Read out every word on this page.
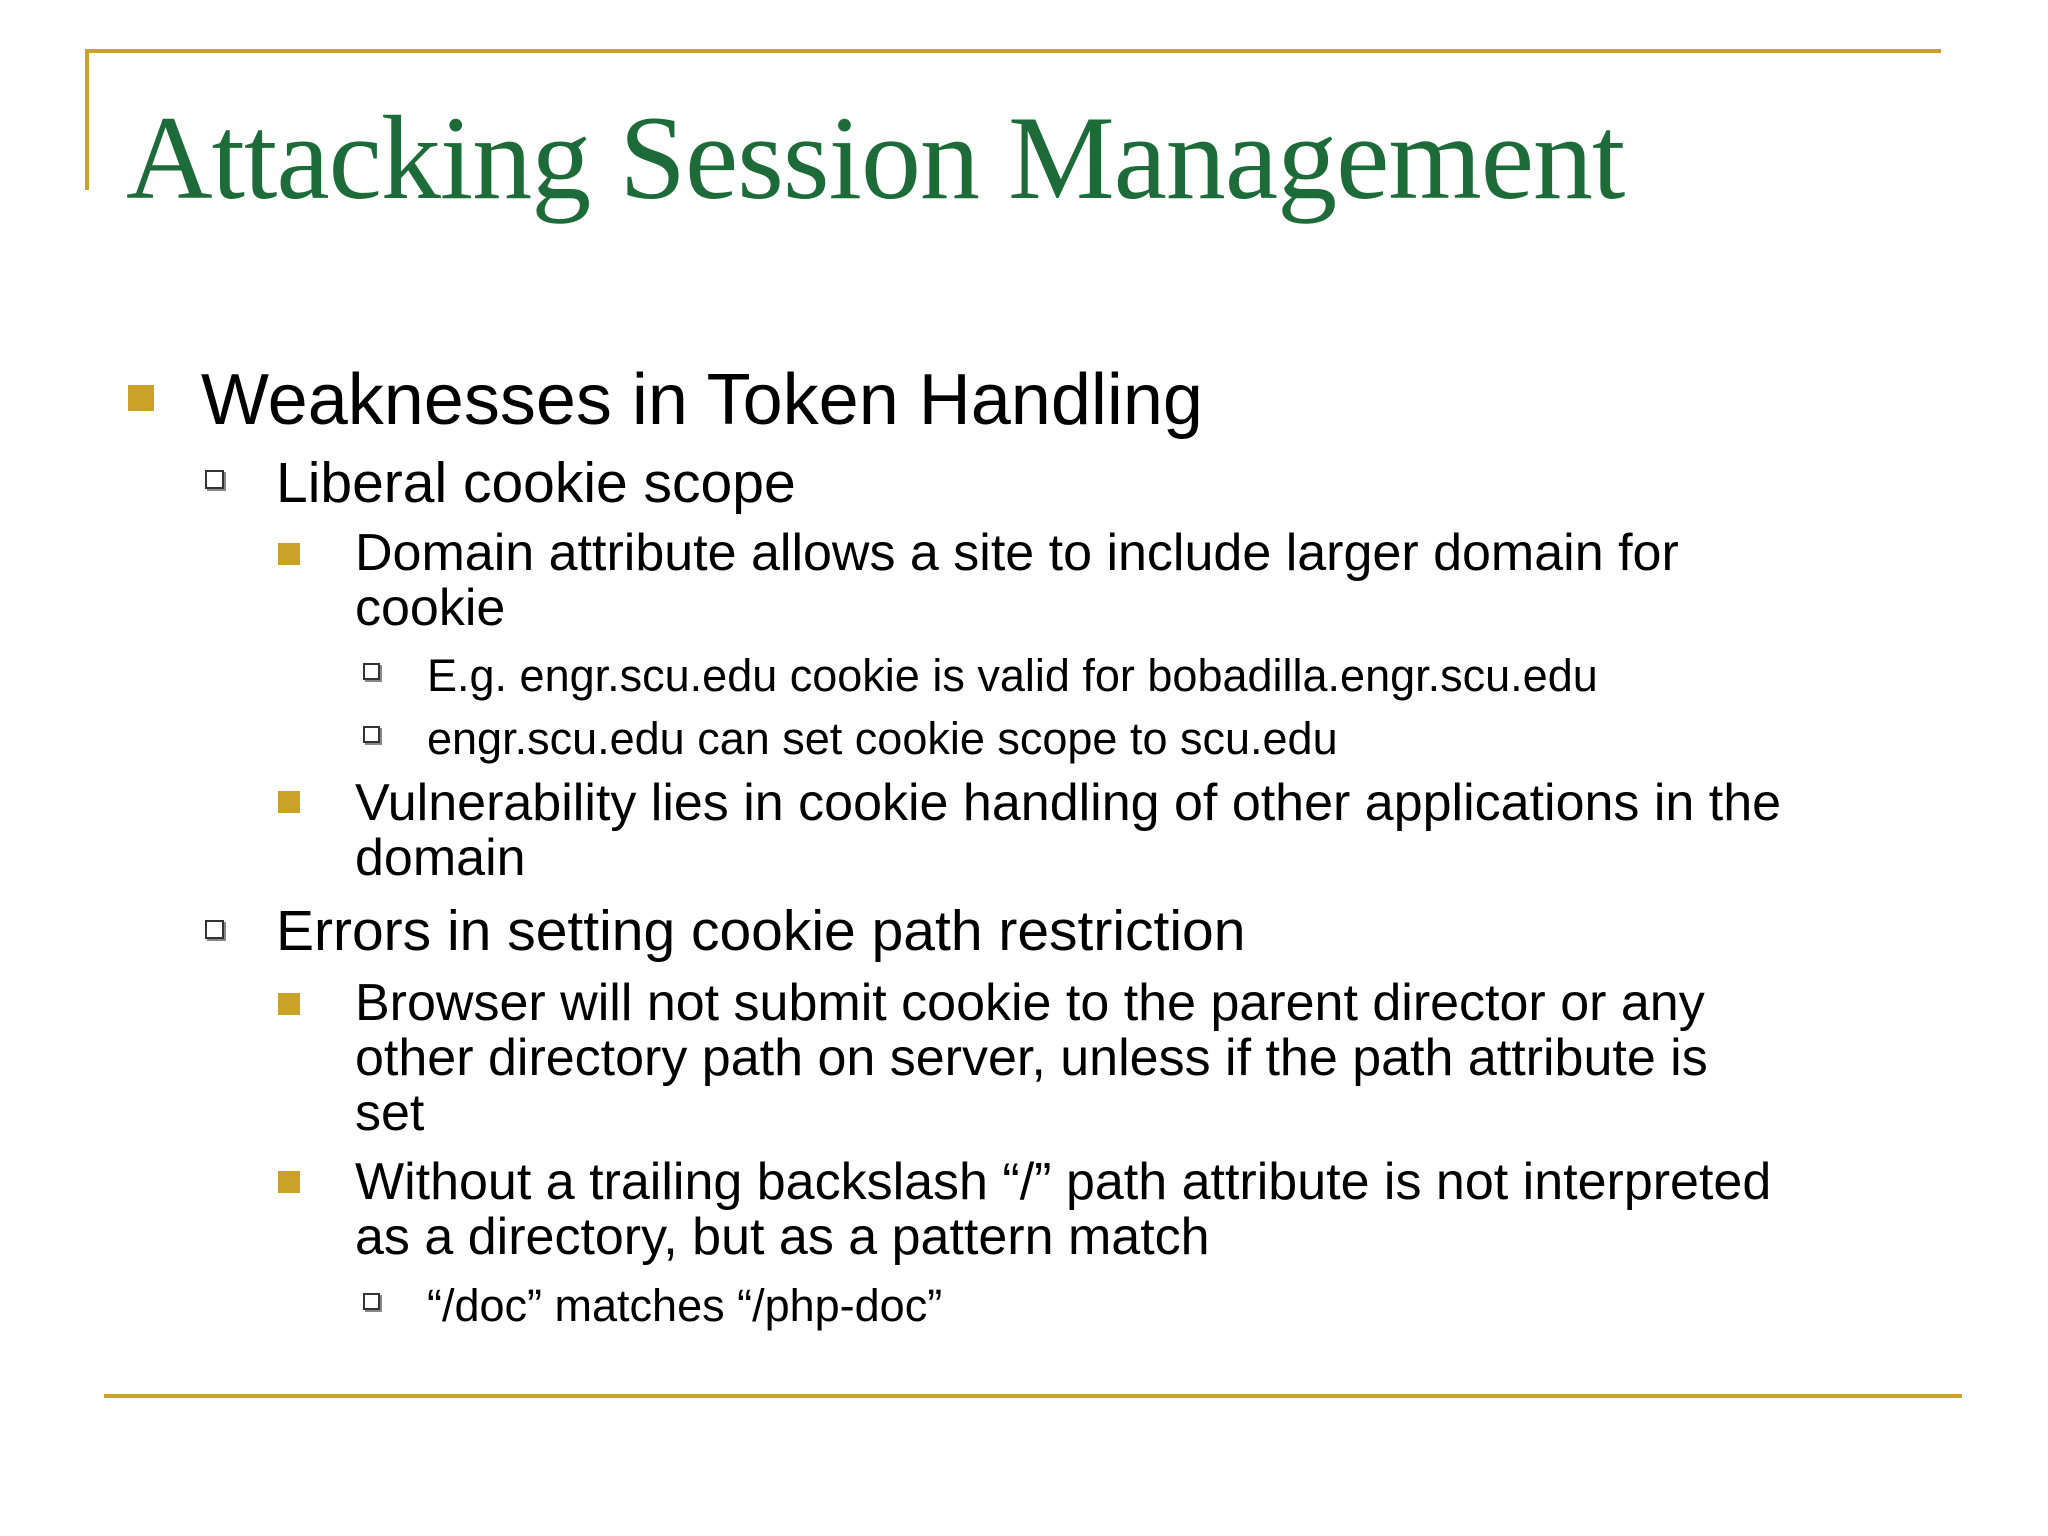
Attacking Session Management
Weaknesses in Token Handling
Liberal cookie scope
Domain attribute allows a site to include larger domain for
cookie
E.g. engr.scu.edu cookie is valid for bobadilla.engr.scu.edu
engr.scu.edu can set cookie scope to scu.edu
Vulnerability lies in cookie handling of other applications in the
domain
Errors in setting cookie path restriction
Browser will not submit cookie to the parent director or any
other directory path on server, unless if the path attribute is
set
Without a trailing backslash “/” path attribute is not interpreted
as a directory, but as a pattern match
“/doc” matches “/php-doc”
